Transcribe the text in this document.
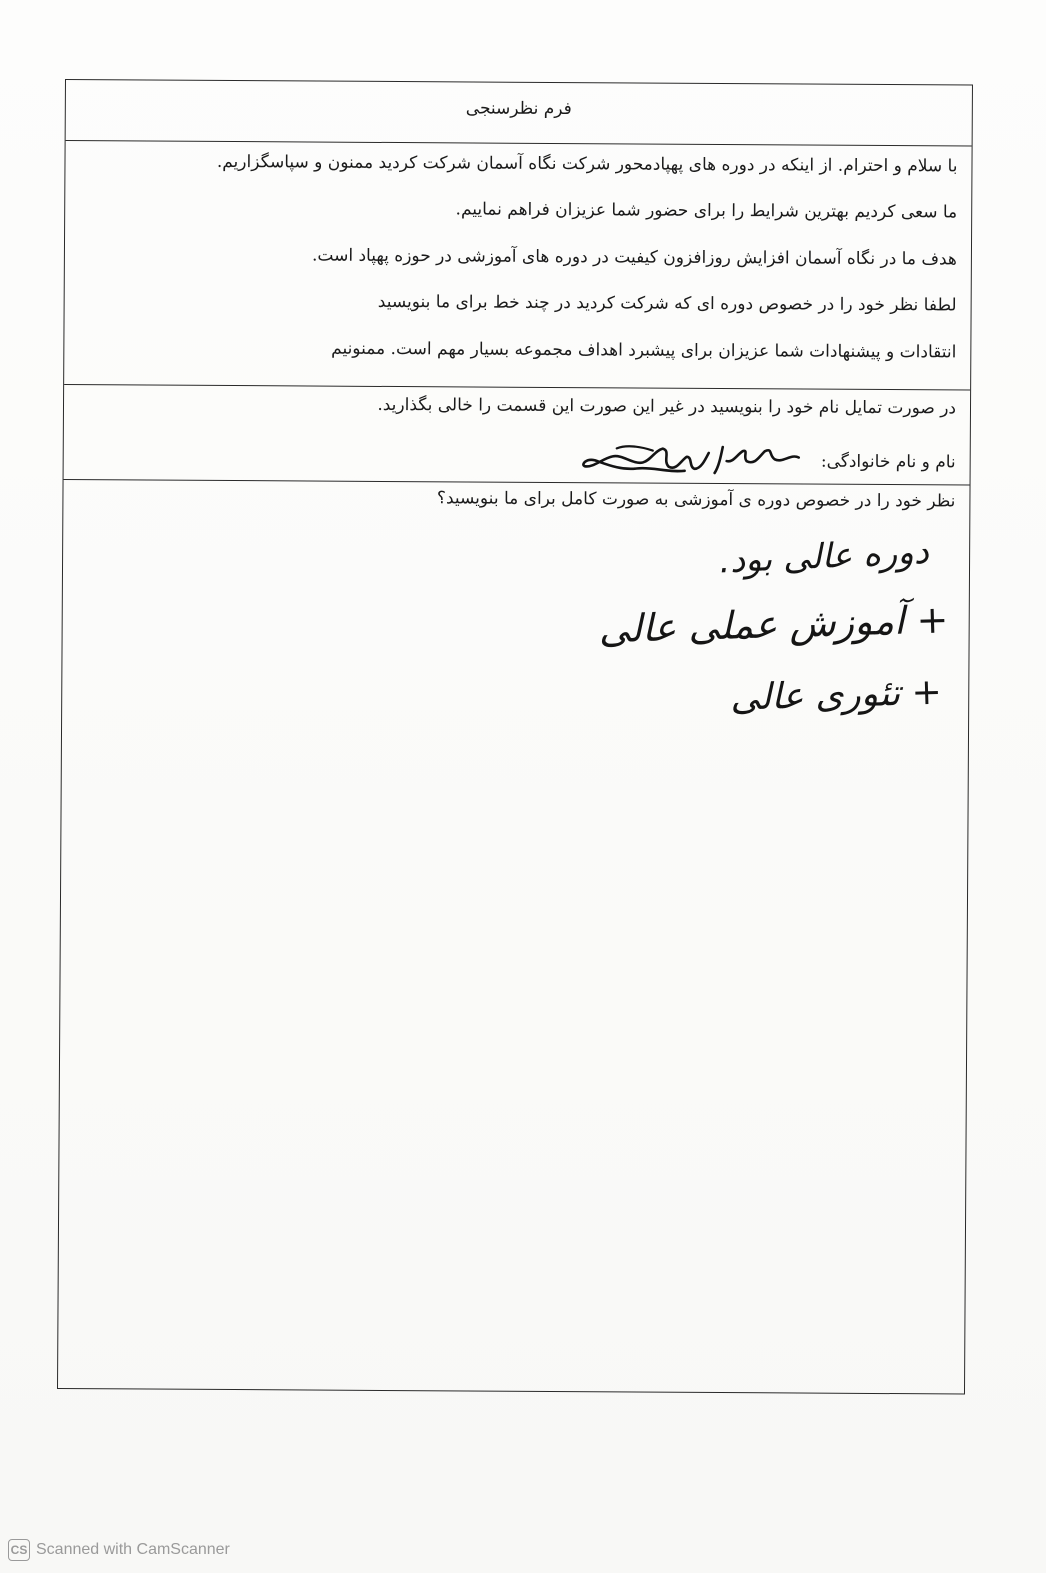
فرم نظرسنجی
با سلام و احترام. از اینکه در دوره های پهپادمحور شرکت نگاه آسمان شرکت کردید ممنون و سپاسگزاریم.
ما سعی کردیم بهترین شرایط را برای حضور شما عزیزان فراهم نماییم.
هدف ما در نگاه آسمان افزایش روزافزون کیفیت در دوره های آموزشی در حوزه پهپاد است.
لطفا نظر خود را در خصوص دوره ای که شرکت کردید در چند خط برای ما بنویسید
انتقادات و پیشنهادات شما عزیزان برای پیشبرد اهداف مجموعه بسیار مهم است. ممنونیم
در صورت تمایل نام خود را بنویسید در غیر این صورت این قسمت را خالی بگذارید.
نام و نام خانوادگی:
نظر خود را در خصوص دوره ی آموزشی به صورت کامل برای ما بنویسید؟
دوره عالی بود.
+ آموزش عملی عالی
+ تئوری عالی
CS Scanned with CamScanner
